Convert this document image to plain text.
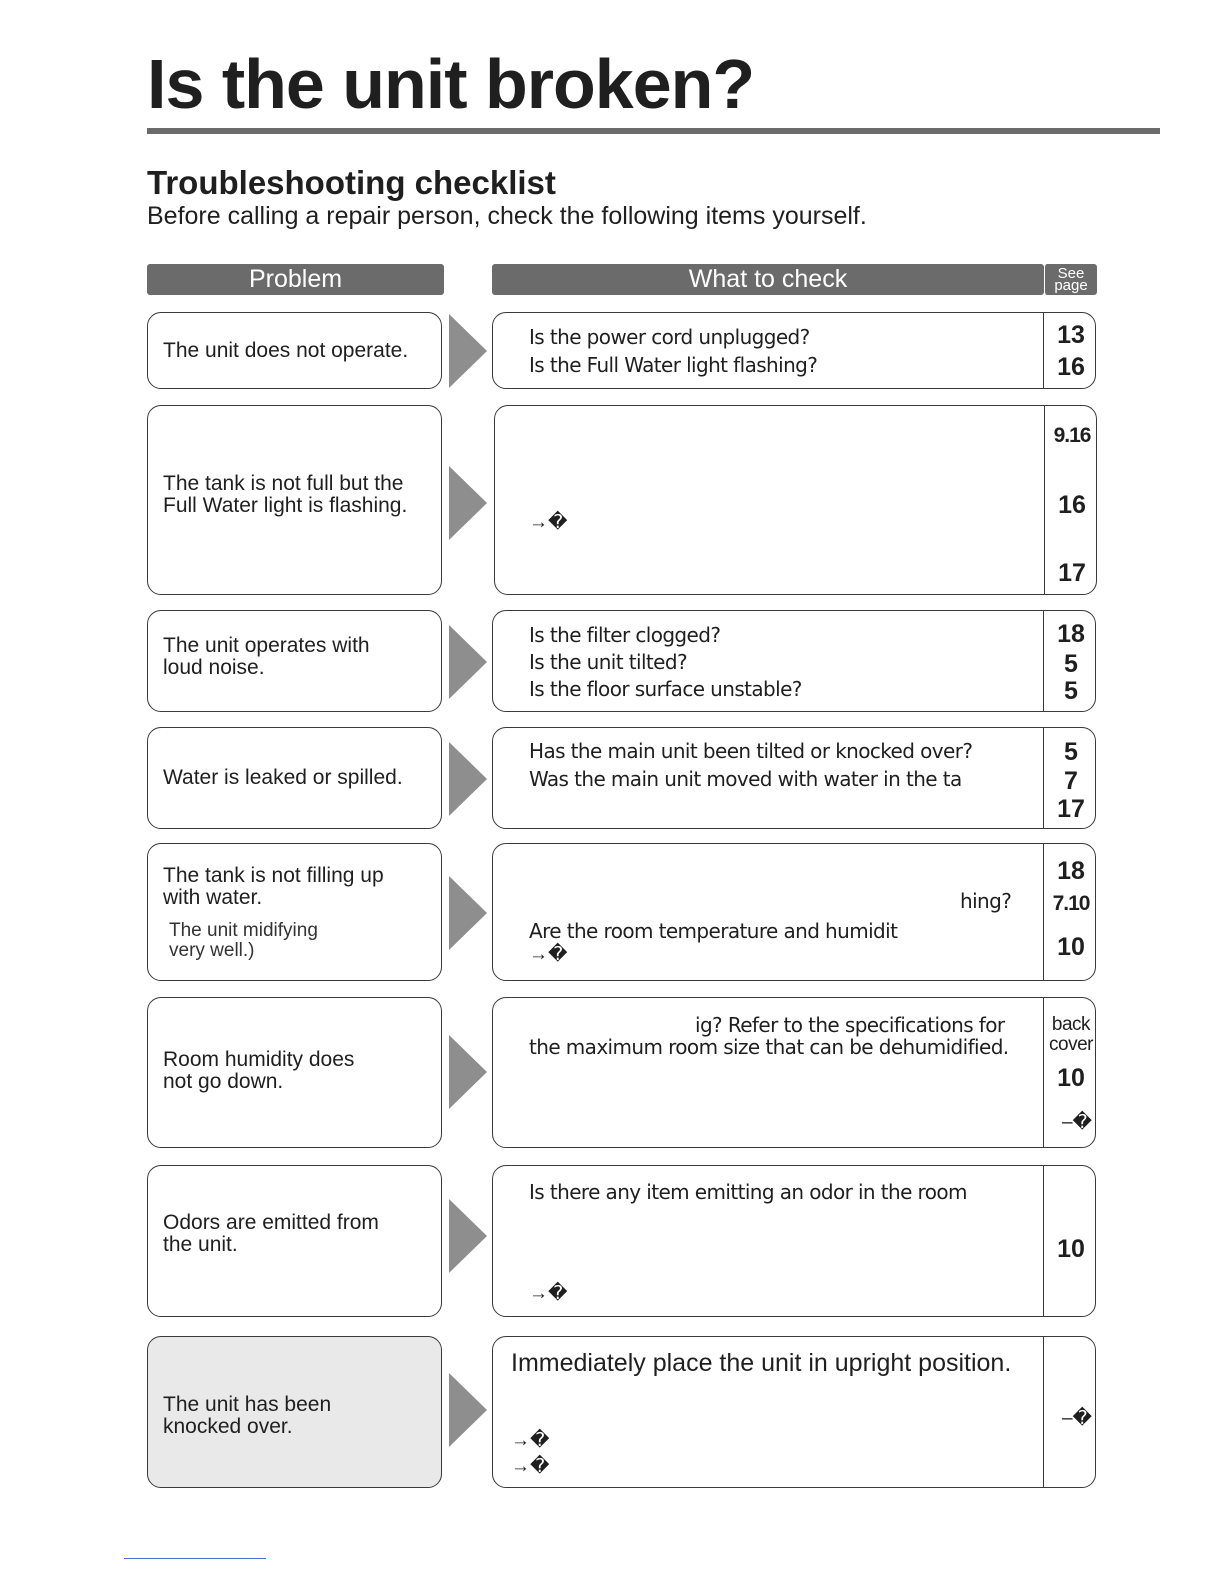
Is the unit broken?
Troubleshooting checklist
Before calling a repair person, check the following items yourself.
Problem	What to check	See
page
The unit does not operate.
Is the power cord unplugged?
Is the Full Water light flashing?
13
16
The tank is not full but the
Full Water light is flashing.
→�
9.16
16
17
The unit operates with
loud noise.
Is the filter clogged?
Is the unit tilted?
Is the floor surface unstable?
18
5
5
Water is leaked or spilled.
Has the main unit been tilted or knocked over?
Was the main unit moved with water in the ta
5
7
17
The tank is not filling up
with water.
The unit midifying
very well.)
hing?
Are the room temperature and humidit
→�
18
7.10
10
Room humidity does
not go down.
ig? Refer to the specifications for
the maximum room size that can be dehumidified.
back
cover
10
–�
Odors are emitted from
the unit.
Is there any item emitting an odor in the room
→�
10
The unit has been
knocked over.
Immediately place the unit in upright position.
→�
→�
–�
